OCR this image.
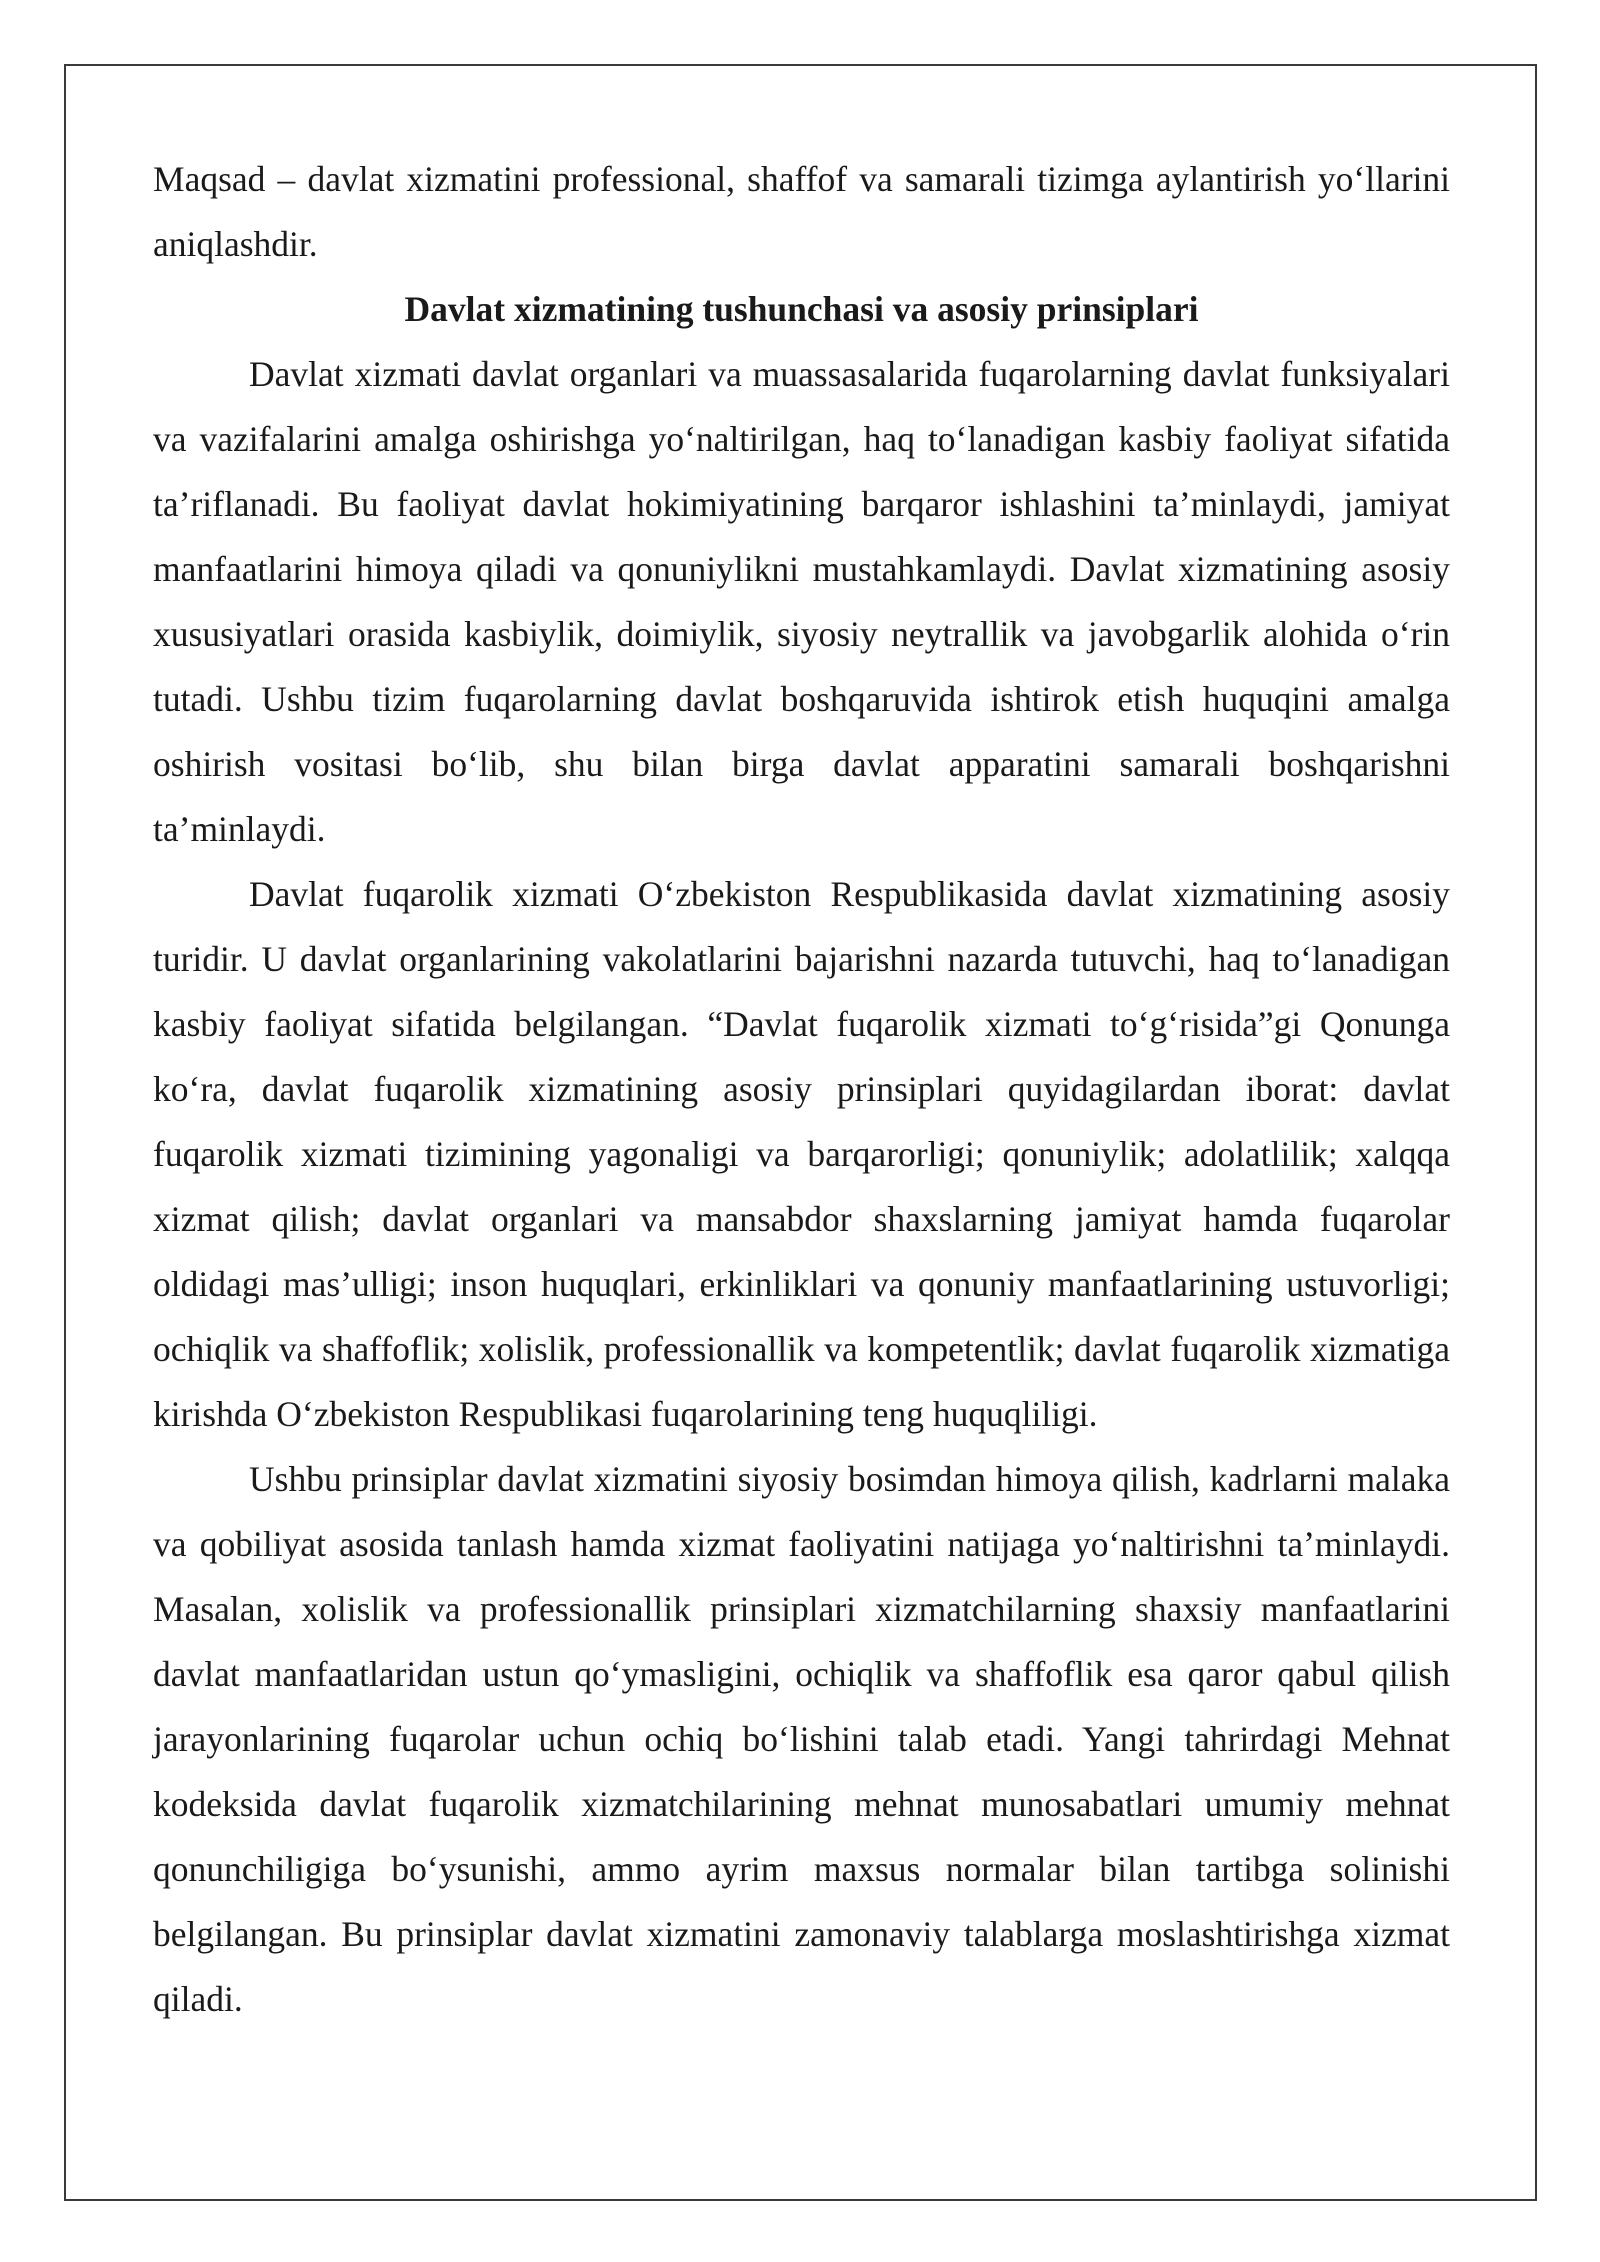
Maqsad – davlat xizmatini professional, shaffof va samarali tizimga aylantirish yoʻllarini aniqlashdir.

Davlat xizmatining tushunchasi va asosiy prinsiplari

Davlat xizmati davlat organlari va muassasalarida fuqarolarning davlat funksiyalari va vazifalarini amalga oshirishga yoʻnaltirilgan, haq toʻlanadigan kasbiy faoliyat sifatida ta’riflanadi. Bu faoliyat davlat hokimiyatining barqaror ishlashini ta’minlaydi, jamiyat manfaatlarini himoya qiladi va qonuniylikni mustahkamlaydi. Davlat xizmatining asosiy xususiyatlari orasida kasbiylik, doimiylik, siyosiy neytrallik va javobgarlik alohida oʻrin tutadi. Ushbu tizim fuqarolarning davlat boshqaruvida ishtirok etish huquqini amalga oshirish vositasi boʻlib, shu bilan birga davlat apparatini samarali boshqarishni ta’minlaydi.

Davlat fuqarolik xizmati Oʻzbekiston Respublikasida davlat xizmatining asosiy turidir. U davlat organlarining vakolatlarini bajarishni nazarda tutuvchi, haq toʻlanadigan kasbiy faoliyat sifatida belgilangan. “Davlat fuqarolik xizmati toʻgʻrisida”gi Qonunga koʻra, davlat fuqarolik xizmatining asosiy prinsiplari quyidagilardan iborat: davlat fuqarolik xizmati tizimining yagonaligi va barqarorligi; qonuniylik; adolatlilik; xalqqa xizmat qilish; davlat organlari va mansabdor shaxslarning jamiyat hamda fuqarolar oldidagi mas’ulligi; inson huquqlari, erkinliklari va qonuniy manfaatlarining ustuvorligi; ochiqlik va shaffoflik; xolislik, professionallik va kompetentlik; davlat fuqarolik xizmatiga kirishda Oʻzbekiston Respublikasi fuqarolarining teng huquqliligi.

Ushbu prinsiplar davlat xizmatini siyosiy bosimdan himoya qilish, kadrlarni malaka va qobiliyat asosida tanlash hamda xizmat faoliyatini natijaga yoʻnaltirishni ta’minlaydi. Masalan, xolislik va professionallik prinsiplari xizmatchilarning shaxsiy manfaatlarini davlat manfaatlaridan ustun qoʻymasligini, ochiqlik va shaffoflik esa qaror qabul qilish jarayonlarining fuqarolar uchun ochiq boʻlishini talab etadi. Yangi tahrirdagi Mehnat kodeksida davlat fuqarolik xizmatchilarining mehnat munosabatlari umumiy mehnat qonunchiligiga boʻysunishi, ammo ayrim maxsus normalar bilan tartibga solinishi belgilangan. Bu prinsiplar davlat xizmatini zamonaviy talablarga moslashtirishga xizmat qiladi.
